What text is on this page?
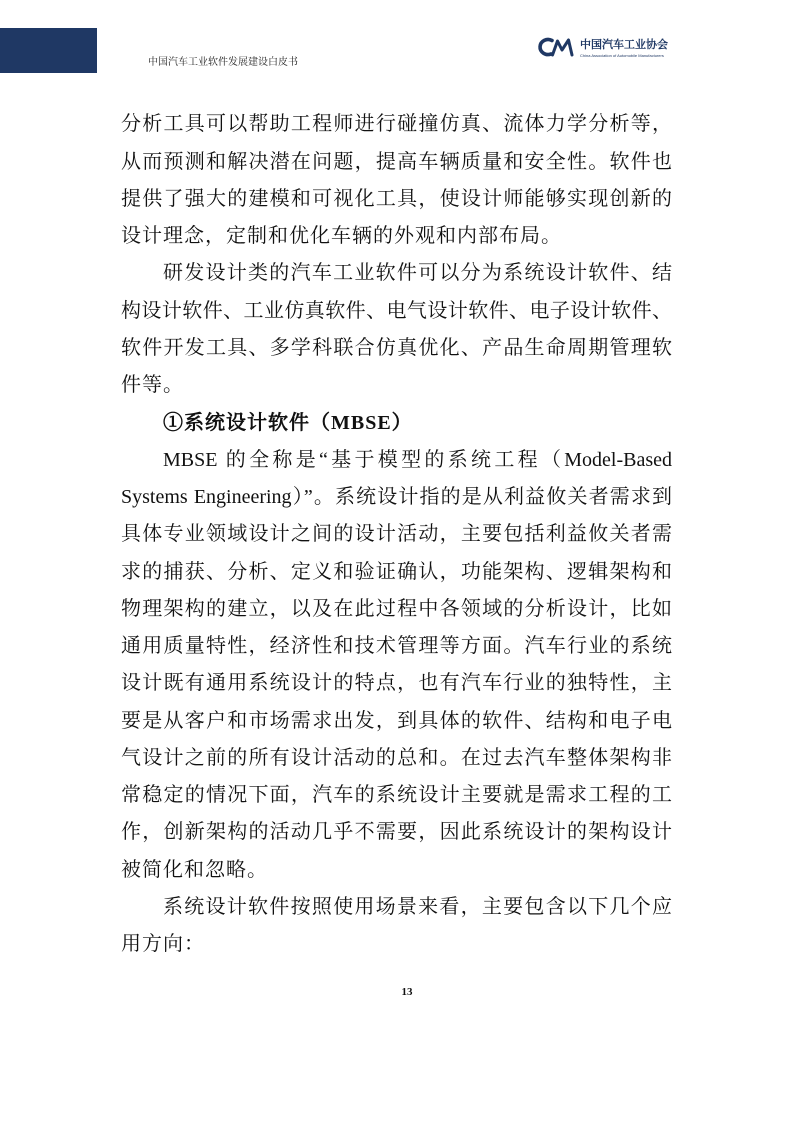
中国汽车工业软件发展建设白皮书
中国汽车工业协会
China Association of Automobile Manufacturers
分析工具可以帮助工程师进行碰撞仿真、流体力学分析等，
从而预测和解决潜在问题，提高车辆质量和安全性。软件也
提供了强大的建模和可视化工具，使设计师能够实现创新的
设计理念，定制和优化车辆的外观和内部布局。
研发设计类的汽车工业软件可以分为系统设计软件、结
构设计软件、工业仿真软件、电气设计软件、电子设计软件、
软件开发工具、多学科联合仿真优化、产品生命周期管理软
件等。
①系统设计软件（MBSE）
MBSE 的全称是“基于模型的系统工程（Model-Based
Systems Engineering）”。系统设计指的是从利益攸关者需求到
具体专业领域设计之间的设计活动，主要包括利益攸关者需
求的捕获、分析、定义和验证确认，功能架构、逻辑架构和
物理架构的建立，以及在此过程中各领域的分析设计，比如
通用质量特性，经济性和技术管理等方面。汽车行业的系统
设计既有通用系统设计的特点，也有汽车行业的独特性，主
要是从客户和市场需求出发，到具体的软件、结构和电子电
气设计之前的所有设计活动的总和。在过去汽车整体架构非
常稳定的情况下面，汽车的系统设计主要就是需求工程的工
作，创新架构的活动几乎不需要，因此系统设计的架构设计
被简化和忽略。
系统设计软件按照使用场景来看，主要包含以下几个应
用方向：
13
